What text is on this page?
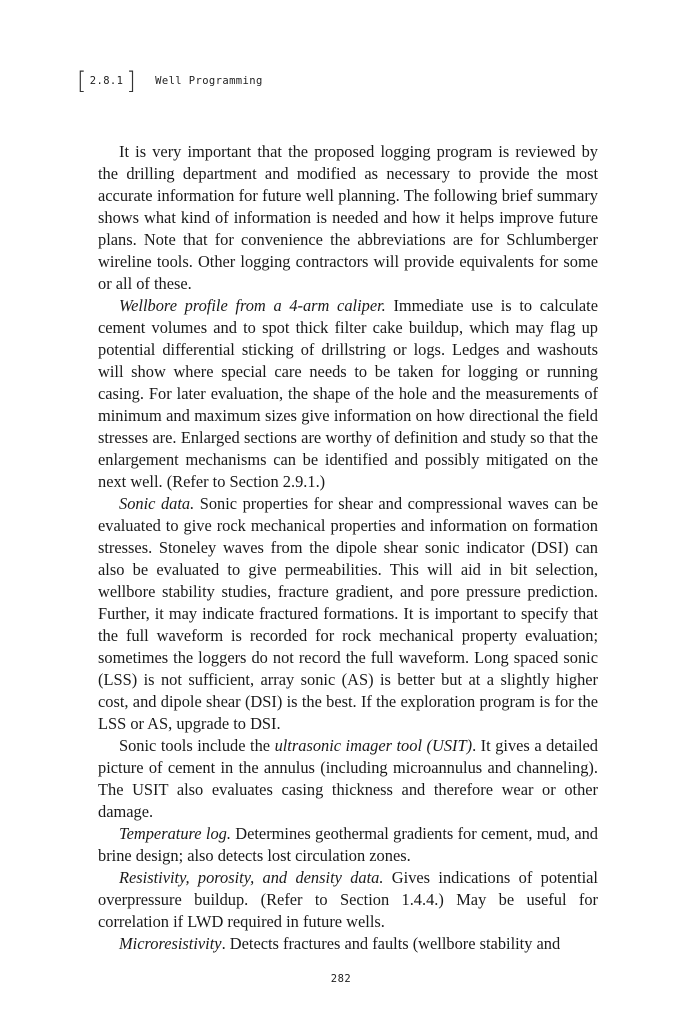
[ 2.8.1 ] Well Programming

It is very important that the proposed logging program is reviewed by the drilling department and modified as necessary to provide the most accurate information for future well planning. The following brief summary shows what kind of information is needed and how it helps improve future plans. Note that for convenience the abbreviations are for Schlumberger wireline tools. Other logging contractors will provide equivalents for some or all of these.

Wellbore profile from a 4-arm caliper. Immediate use is to calculate cement volumes and to spot thick filter cake buildup, which may flag up potential differential sticking of drillstring or logs. Ledges and washouts will show where special care needs to be taken for logging or running casing. For later evaluation, the shape of the hole and the measurements of minimum and maximum sizes give information on how directional the field stresses are. Enlarged sections are worthy of definition and study so that the enlargement mechanisms can be identified and possibly mitigated on the next well. (Refer to Section 2.9.1.)

Sonic data. Sonic properties for shear and compressional waves can be evaluated to give rock mechanical properties and information on formation stresses. Stoneley waves from the dipole shear sonic indicator (DSI) can also be evaluated to give permeabilities. This will aid in bit selection, wellbore stability studies, fracture gradient, and pore pressure prediction. Further, it may indicate fractured formations. It is important to specify that the full waveform is recorded for rock mechanical property evaluation; sometimes the loggers do not record the full waveform. Long spaced sonic (LSS) is not sufficient, array sonic (AS) is better but at a slightly higher cost, and dipole shear (DSI) is the best. If the exploration program is for the LSS or AS, upgrade to DSI.

Sonic tools include the ultrasonic imager tool (USIT). It gives a detailed picture of cement in the annulus (including microannulus and channeling). The USIT also evaluates casing thickness and therefore wear or other damage.

Temperature log. Determines geothermal gradients for cement, mud, and brine design; also detects lost circulation zones.

Resistivity, porosity, and density data. Gives indications of potential overpressure buildup. (Refer to Section 1.4.4.) May be useful for correlation if LWD required in future wells.

Microresistivity. Detects fractures and faults (wellbore stability and

282
